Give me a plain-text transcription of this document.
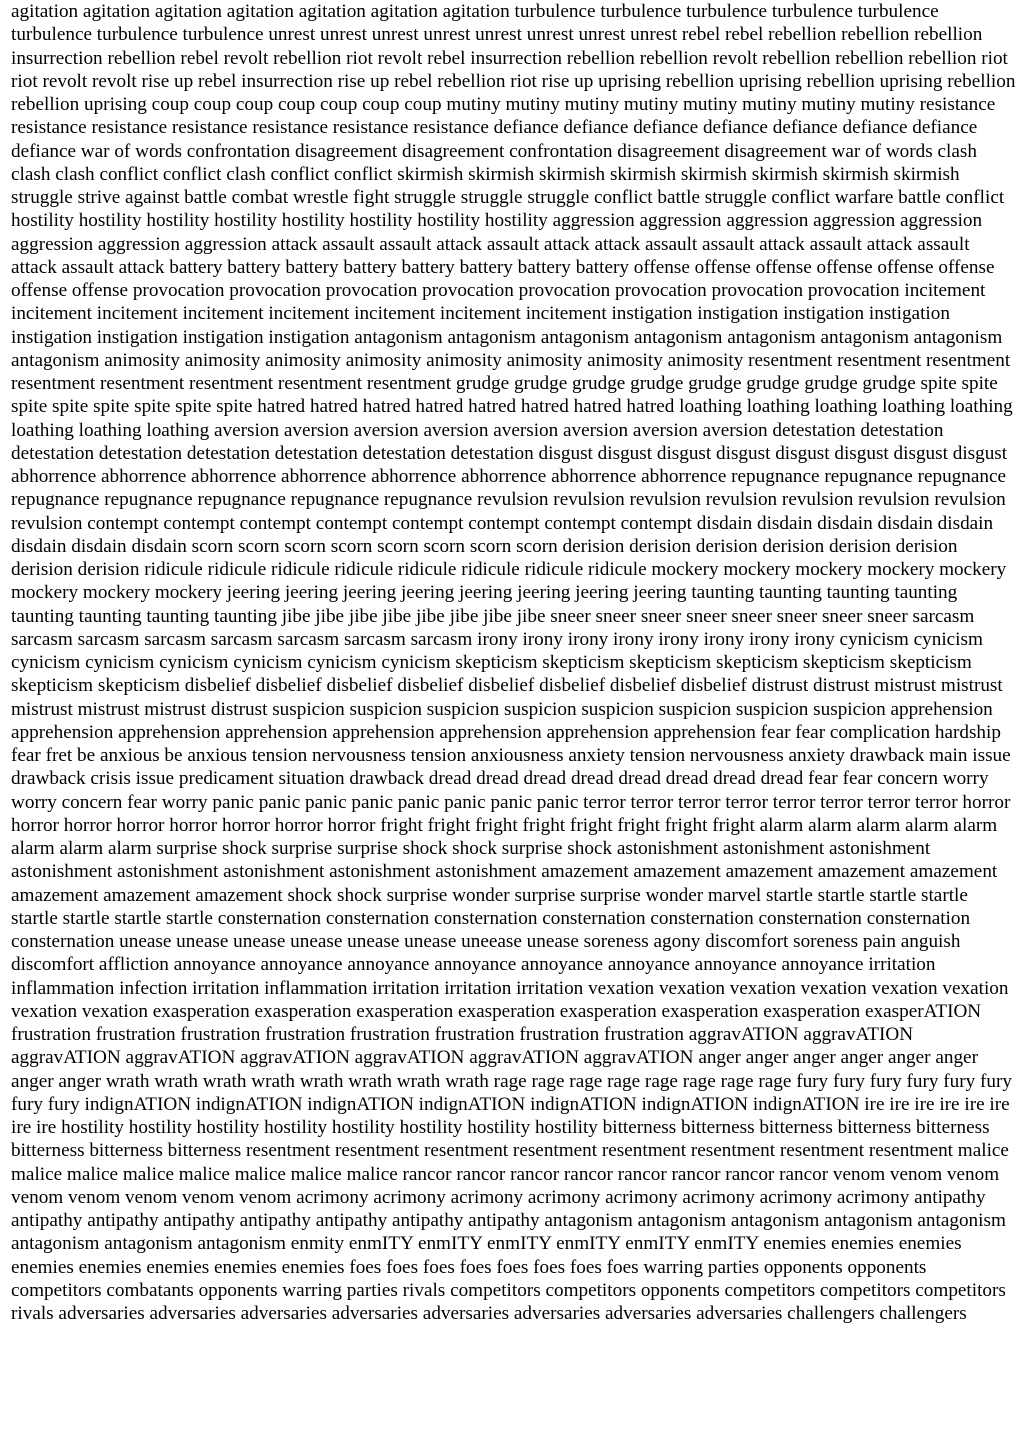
agitation agitation agitation agitation agitation agitation agitation turbulence turbulence turbulence turbulence turbulence turbulence turbulence turbulence unrest unrest unrest unrest unrest unrest unrest unrest rebel rebel rebellion rebellion rebellion insurrection rebellion rebel revolt rebellion riot revolt rebel insurrection rebellion rebellion revolt rebellion rebellion rebellion riot riot revolt revolt rise up rebel insurrection rise up rebel rebellion riot rise up uprising rebellion uprising rebellion uprising rebellion rebellion uprising coup coup coup coup coup coup coup mutiny mutiny mutiny mutiny mutiny mutiny mutiny mutiny resistance resistance resistance resistance resistance resistance resistance defiance defiance defiance defiance defiance defiance defiance defiance war of words confrontation disagreement disagreement confrontation disagreement disagreement war of words clash clash clash conflict conflict clash conflict conflict skirmish skirmish skirmish skirmish skirmish skirmish skirmish skirmish struggle strive against battle combat wrestle fight struggle struggle struggle conflict battle struggle conflict warfare battle conflict hostility hostility hostility hostility hostility hostility hostility hostility aggression aggression aggression aggression aggression aggression aggression aggression attack assault assault attack assault attack attack assault assault attack assault attack assault attack assault attack battery battery battery battery battery battery battery battery offense offense offense offense offense offense offense offense provocation provocation provocation provocation provocation provocation provocation provocation incitement incitement incitement incitement incitement incitement incitement incitement instigation instigation instigation instigation instigation instigation instigation instigation antagonism antagonism antagonism antagonism antagonism antagonism antagonism antagonism animosity animosity animosity animosity animosity animosity animosity animosity resentment resentment resentment resentment resentment resentment resentment resentment grudge grudge grudge grudge grudge grudge grudge grudge spite spite spite spite spite spite spite spite hatred hatred hatred hatred hatred hatred hatred hatred loathing loathing loathing loathing loathing loathing loathing loathing aversion aversion aversion aversion aversion aversion aversion aversion detestation detestation detestation detestation detestation detestation detestation detestation disgust disgust disgust disgust disgust disgust disgust disgust abhorrence abhorrence abhorrence abhorrence abhorrence abhorrence abhorrence abhorrence repugnance repugnance repugnance repugnance repugnance repugnance repugnance repugnance revulsion revulsion revulsion revulsion revulsion revulsion revulsion revulsion contempt contempt contempt contempt contempt contempt contempt contempt disdain disdain disdain disdain disdain disdain disdain disdain scorn scorn scorn scorn scorn scorn scorn scorn derision derision derision derision derision derision derision derision ridicule ridicule ridicule ridicule ridicule ridicule ridicule ridicule mockery mockery mockery mockery mockery mockery mockery mockery jeering jeering jeering jeering jeering jeering jeering jeering taunting taunting taunting taunting taunting taunting taunting taunting jibe jibe jibe jibe jibe jibe jibe jibe sneer sneer sneer sneer sneer sneer sneer sneer sarcasm sarcasm sarcasm sarcasm sarcasm sarcasm sarcasm sarcasm irony irony irony irony irony irony irony irony cynicism cynicism cynicism cynicism cynicism cynicism cynicism cynicism skepticism skepticism skepticism skepticism skepticism skepticism skepticism skepticism disbelief disbelief disbelief disbelief disbelief disbelief disbelief disbelief distrust distrust mistrust mistrust mistrust mistrust mistrust distrust suspicion suspicion suspicion suspicion suspicion suspicion suspicion suspicion apprehension apprehension apprehension apprehension apprehension apprehension apprehension apprehension fear fear complication hardship fear fret be anxious be anxious tension nervousness tension anxiousness anxiety tension nervousness anxiety drawback main issue drawback crisis issue predicament situation drawback dread dread dread dread dread dread dread dread fear fear concern worry worry concern fear worry panic panic panic panic panic panic panic panic terror terror terror terror terror terror terror terror horror horror horror horror horror horror horror horror fright fright fright fright fright fright fright fright alarm alarm alarm alarm alarm alarm alarm alarm surprise shock surprise surprise shock shock surprise shock astonishment astonishment astonishment astonishment astonishment astonishment astonishment astonishment amazement amazement amazement amazement amazement amazement amazement amazement shock shock surprise wonder surprise surprise wonder marvel startle startle startle startle startle startle startle startle consternation consternation consternation consternation consternation consternation consternation consternation unease unease unease unease unease unease uneease unease soreness agony discomfort soreness pain anguish discomfort affliction annoyance annoyance annoyance annoyance annoyance annoyance annoyance annoyance irritation inflammation infection irritation inflammation irritation irritation irritation vexation vexation vexation vexation vexation vexation vexation vexation exasperation exasperation exasperation exasperation exasperation exasperation exasperation exasperATION frustration frustration frustration frustration frustration frustration frustration frustration aggravATION aggravATION aggravATION aggravATION aggravATION aggravATION aggravATION aggravATION anger anger anger anger anger anger anger anger wrath wrath wrath wrath wrath wrath wrath wrath rage rage rage rage rage rage rage rage fury fury fury fury fury fury fury fury indignATION indignATION indignATION indignATION indignATION indignATION indignATION ire ire ire ire ire ire ire ire hostility hostility hostility hostility hostility hostility hostility hostility bitterness bitterness bitterness bitterness bitterness bitterness bitterness bitterness resentment resentment resentment resentment resentment resentment resentment resentment malice malice malice malice malice malice malice malice rancor rancor rancor rancor rancor rancor rancor rancor venom venom venom venom venom venom venom venom acrimony acrimony acrimony acrimony acrimony acrimony acrimony acrimony antipathy antipathy antipathy antipathy antipathy antipathy antipathy antipathy antagonism antagonism antagonism antagonism antagonism antagonism antagonism antagonism enmity enmITY enmITY enmITY enmITY enmITY enmITY enemies enemies enemies enemies enemies enemies enemies enemies foes foes foes foes foes foes foes foes warring parties opponents opponents competitors combatants opponents warring parties rivals competitors competitors opponents competitors competitors competitors rivals adversaries adversaries adversaries adversaries adversaries adversaries adversaries adversaries challengers challengers
